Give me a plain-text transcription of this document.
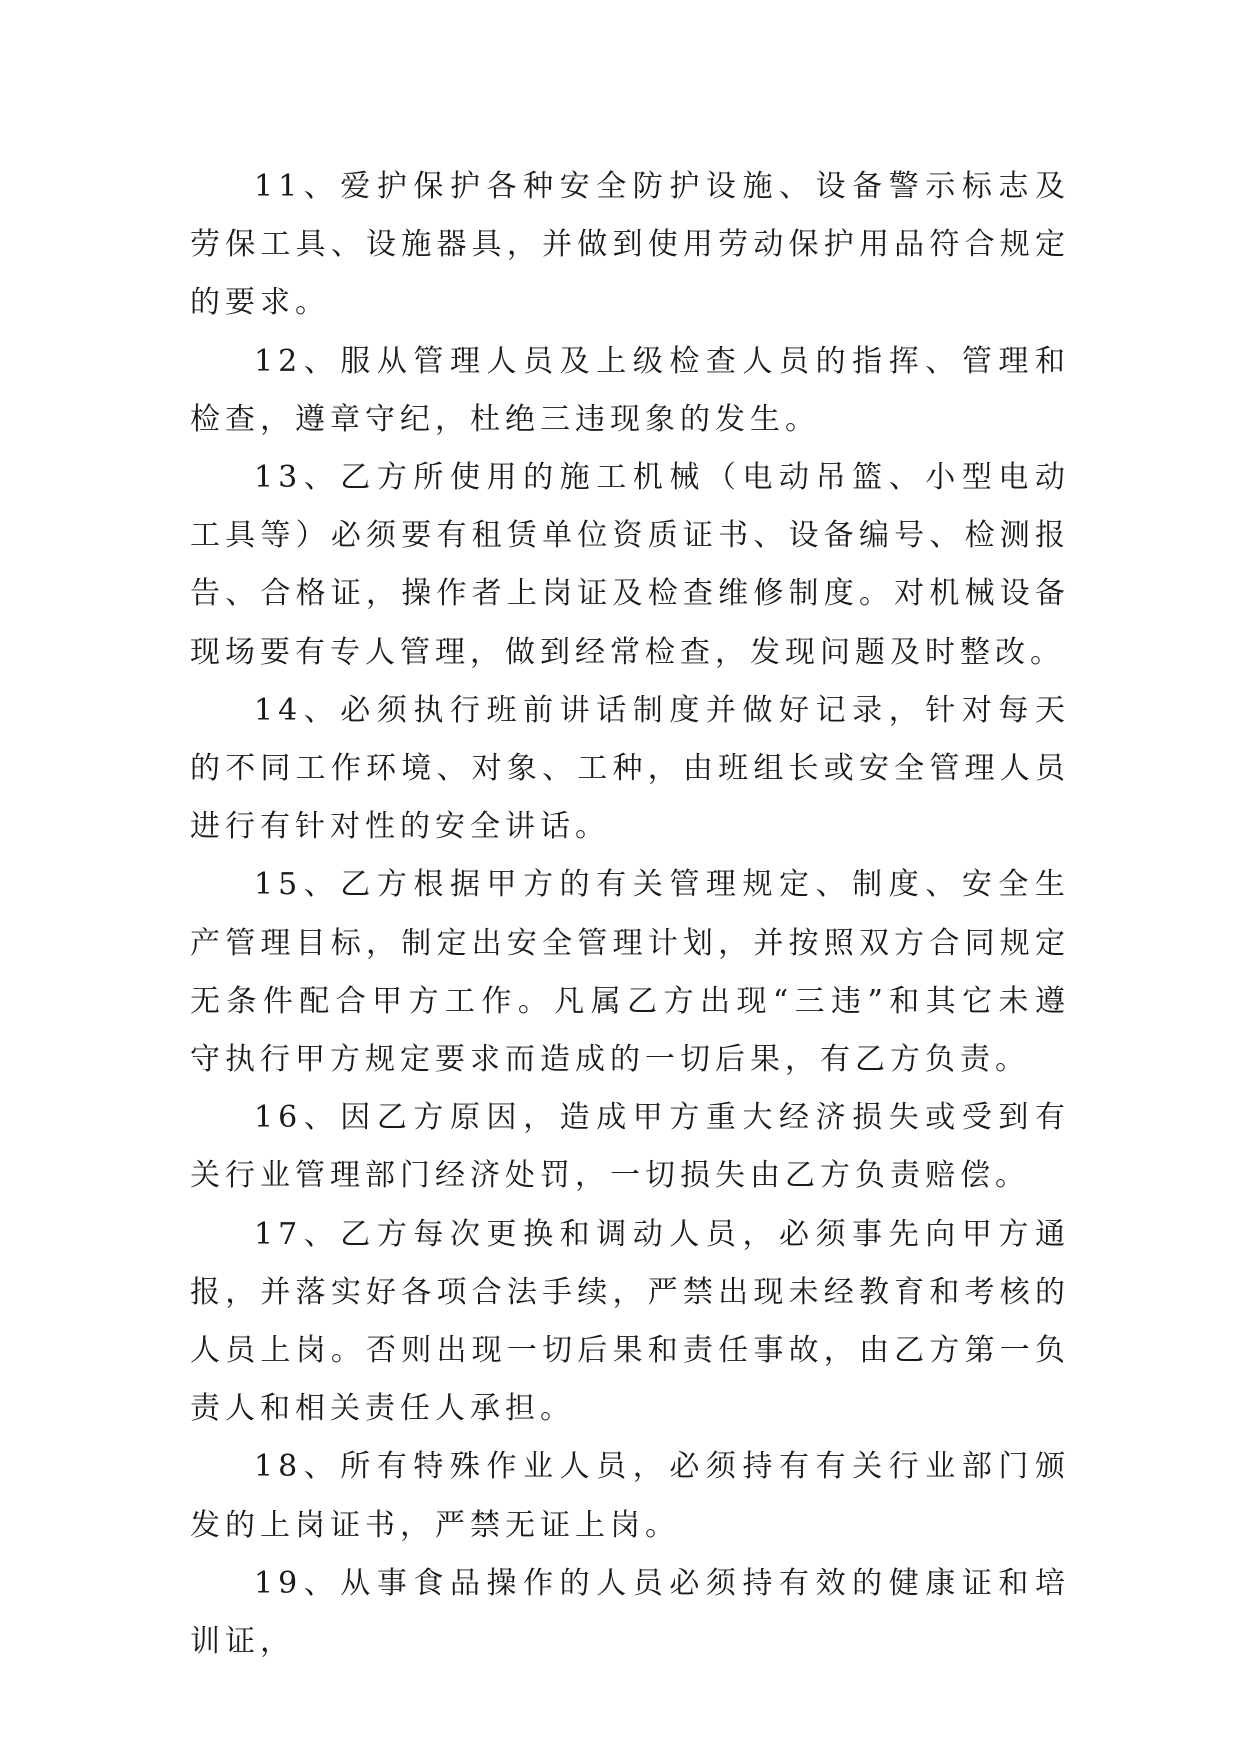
11、爱护保护各种安全防护设施、设备警示标志及劳保工具、设施器具，并做到使用劳动保护用品符合规定的要求。

12、服从管理人员及上级检查人员的指挥、管理和检查，遵章守纪，杜绝三违现象的发生。

13、乙方所使用的施工机械（电动吊篮、小型电动工具等）必须要有租赁单位资质证书、设备编号、检测报告、合格证，操作者上岗证及检查维修制度。对机械设备现场要有专人管理，做到经常检查，发现问题及时整改。

14、必须执行班前讲话制度并做好记录，针对每天的不同工作环境、对象、工种，由班组长或安全管理人员进行有针对性的安全讲话。

15、乙方根据甲方的有关管理规定、制度、安全生产管理目标，制定出安全管理计划，并按照双方合同规定无条件配合甲方工作。凡属乙方出现“三违”和其它未遵守执行甲方规定要求而造成的一切后果，有乙方负责。

16、因乙方原因，造成甲方重大经济损失或受到有关行业管理部门经济处罚，一切损失由乙方负责赔偿。

17、乙方每次更换和调动人员，必须事先向甲方通报，并落实好各项合法手续，严禁出现未经教育和考核的人员上岗。否则出现一切后果和责任事故，由乙方第一负责人和相关责任人承担。

18、所有特殊作业人员，必须持有有关行业部门颁发的上岗证书，严禁无证上岗。

19、从事食品操作的人员必须持有效的健康证和培训证，
